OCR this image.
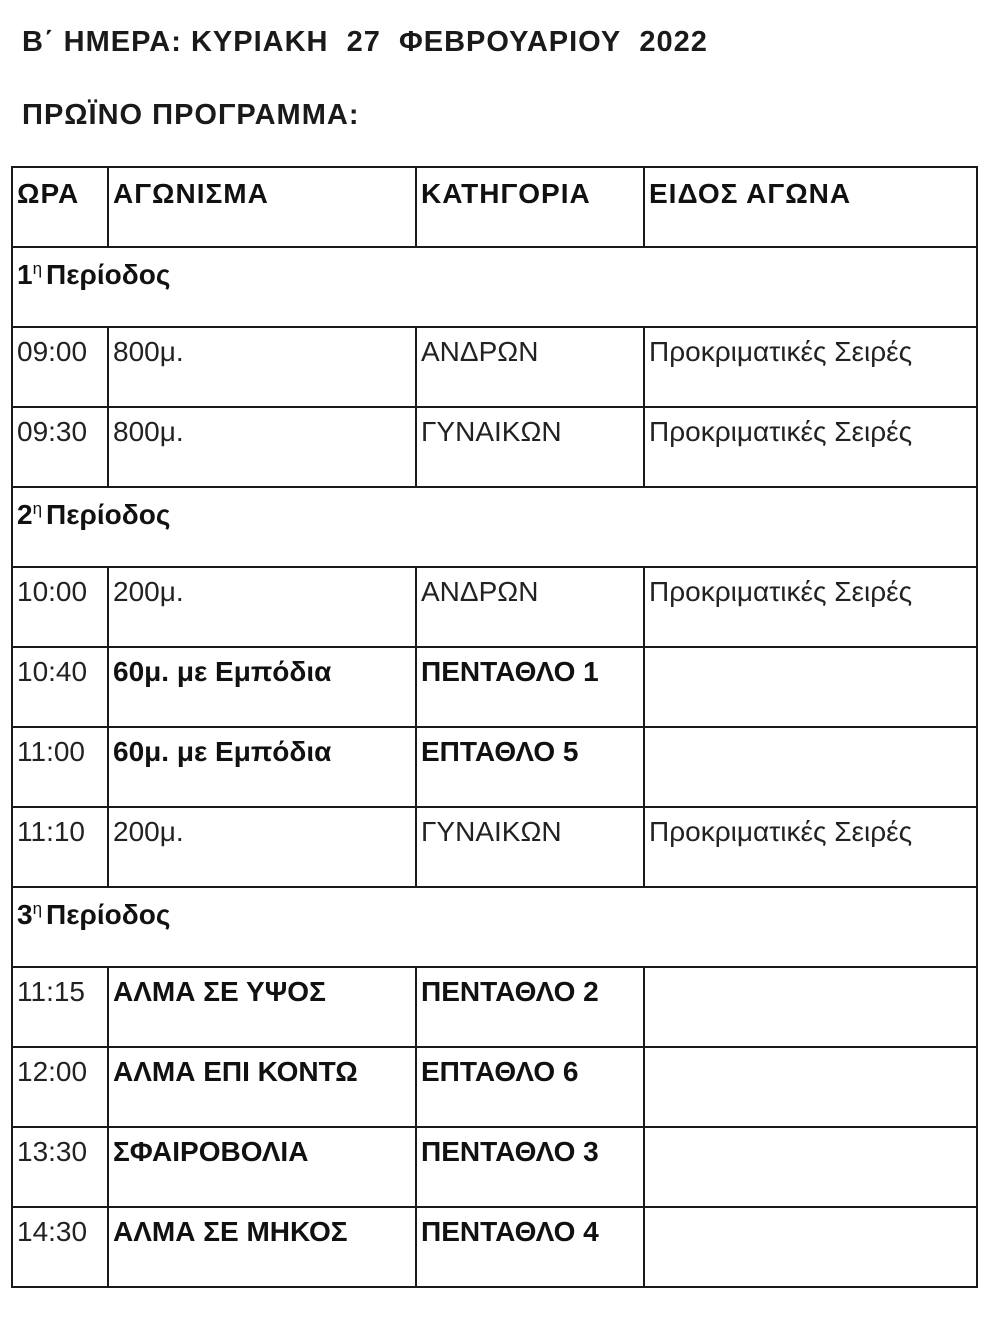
Β΄ ΗΜΕΡΑ: ΚΥΡΙΑΚΗ  27  ΦΕΒΡΟΥΑΡΙΟΥ  2022
ΠΡΩΪΝΟ ΠΡΟΓΡΑΜΜΑ:
ΩΡΑ	ΑΓΩΝΙΣΜΑ	ΚΑΤΗΓΟΡΙΑ	ΕΙΔΟΣ ΑΓΩΝΑ

$1^\eta$ Περίοδος			

09:00	800μ.	ΑΝΔΡΩΝ	Προκριματικές Σειρές

09:30	800μ.	ΓΥΝΑΙΚΩΝ	Προκριματικές Σειρές

$2^\eta$ Περίοδος			

10:00	200μ.	ΑΝΔΡΩΝ	Προκριματικές Σειρές

10:40	60μ. με Εμπόδια	ΠΕΝΤΑΘΛΟ 1	

11:00	60μ. με Εμπόδια	ΕΠΤΑΘΛΟ 5	

11:10	200μ.	ΓΥΝΑΙΚΩΝ	Προκριματικές Σειρές

$3^\eta$ Περίοδος			

11:15	ΑΛΜΑ ΣΕ ΥΨΟΣ	ΠΕΝΤΑΘΛΟ 2	

12:00	ΑΛΜΑ ΕΠΙ ΚΟΝΤΩ	ΕΠΤΑΘΛΟ 6	

13:30	ΣΦΑΙΡΟΒΟΛΙΑ	ΠΕΝΤΑΘΛΟ 3	

14:30	ΑΛΜΑ ΣΕ ΜΗΚΟΣ	ΠΕΝΤΑΘΛΟ 4	
